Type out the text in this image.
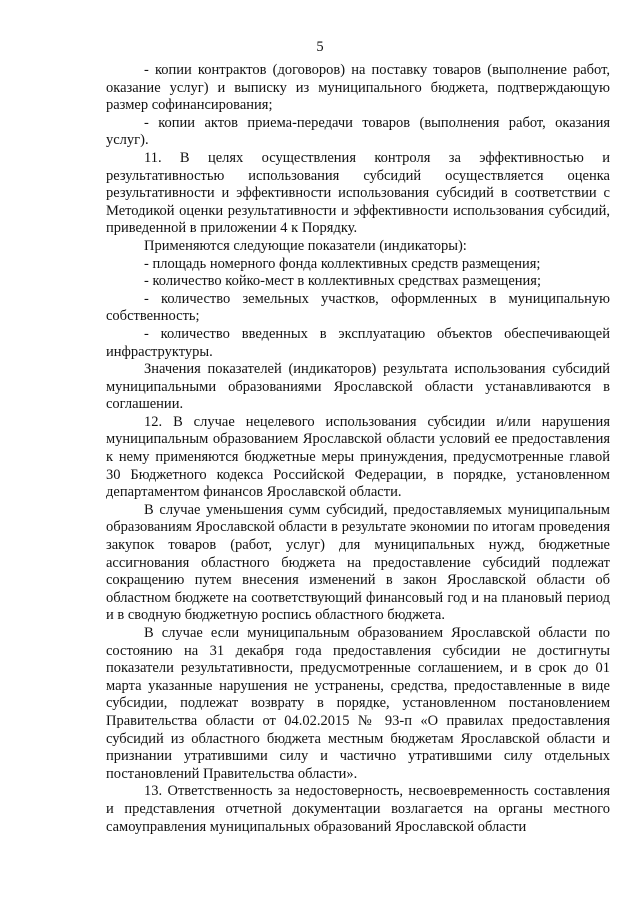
5

- копии контрактов (договоров) на поставку товаров (выполнение работ, оказание услуг) и выписку из муниципального бюджета, подтверждающую размер софинансирования;

- копии актов приема-передачи товаров (выполнения работ, оказания услуг).

11. В целях осуществления контроля за эффективностью и результативностью использования субсидий осуществляется оценка результативности и эффективности использования субсидий в соответствии с Методикой оценки результативности и эффективности использования субсидий, приведенной в приложении 4 к Порядку.

Применяются следующие показатели (индикаторы):

- площадь номерного фонда коллективных средств размещения;

- количество койко-мест в коллективных средствах размещения;

- количество земельных участков, оформленных в муниципальную собственность;

- количество введенных в эксплуатацию объектов обеспечивающей инфраструктуры.

Значения показателей (индикаторов) результата использования субсидий муниципальными образованиями Ярославской области устанавливаются в соглашении.

12. В случае нецелевого использования субсидии и/или нарушения муниципальным образованием Ярославской области условий ее предоставления к нему применяются бюджетные меры принуждения, предусмотренные главой 30 Бюджетного кодекса Российской Федерации, в порядке, установленном департаментом финансов Ярославской области.

В случае уменьшения сумм субсидий, предоставляемых муниципальным образованиям Ярославской области в результате экономии по итогам проведения закупок товаров (работ, услуг) для муниципальных нужд, бюджетные ассигнования областного бюджета на предоставление субсидий подлежат сокращению путем внесения изменений в закон Ярославской области об областном бюджете на соответствующий финансовый год и на плановый период и в сводную бюджетную роспись областного бюджета.

В случае если муниципальным образованием Ярославской области по состоянию на 31 декабря года предоставления субсидии не достигнуты показатели результативности, предусмотренные соглашением, и в срок до 01 марта указанные нарушения не устранены, средства, предоставленные в виде субсидии, подлежат возврату в порядке, установленном постановлением Правительства области от 04.02.2015 № 93-п «О правилах предоставления субсидий из областного бюджета местным бюджетам Ярославской области и признании утратившими силу и частично утратившими силу отдельных постановлений Правительства области».

13. Ответственность за недостоверность, несвоевременность составления и представления отчетной документации возлагается на органы местного самоуправления муниципальных образований Ярославской области
